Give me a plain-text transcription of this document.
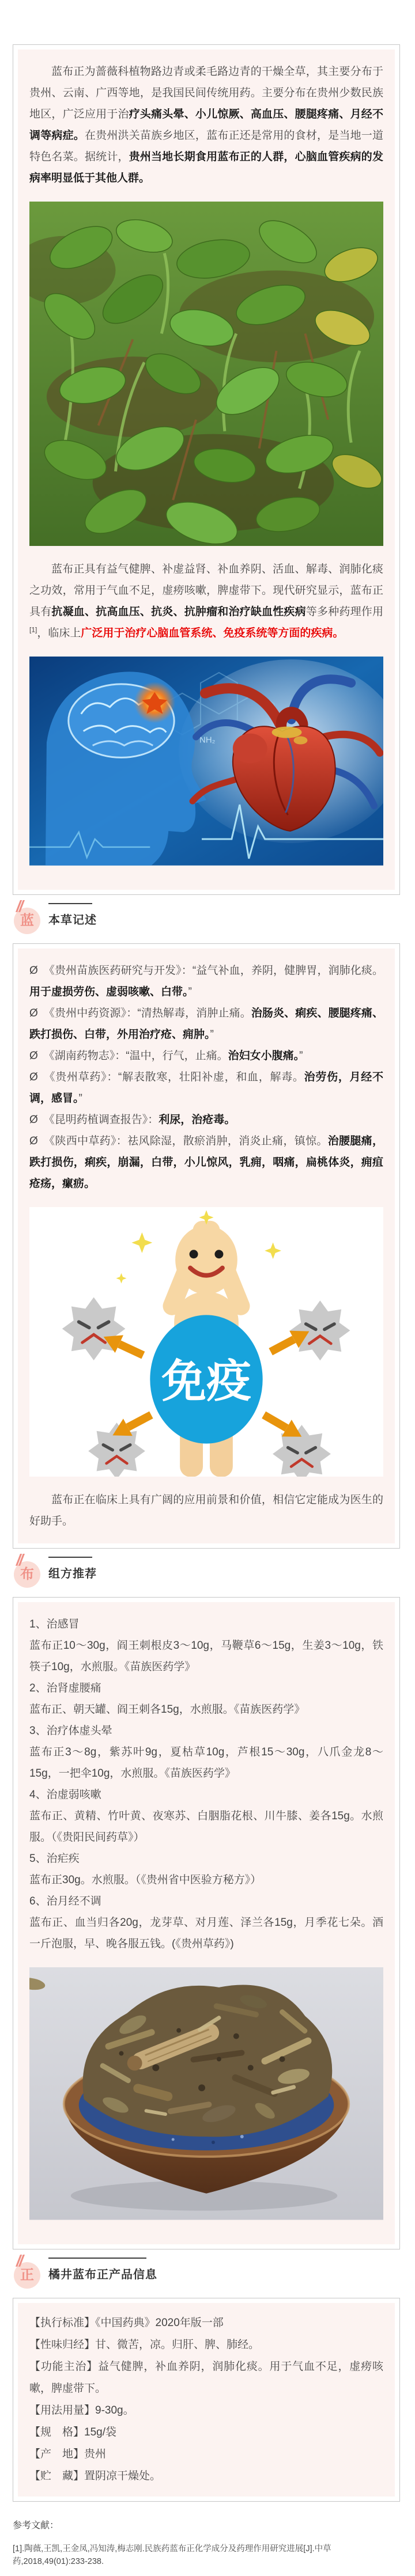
蓝布正为蔷薇科植物路边青或柔毛路边青的干燥全草，其主要分布于贵州、云南、广西等地，是我国民间传统用药。主要分布在贵州少数民族地区，广泛应用于治疗头痛头晕、小儿惊厥、高血压、腰腿疼痛、月经不调等病症。在贵州洪关苗族乡地区，蓝布正还是常用的食材，是当地一道特色名菜。据统计，贵州当地长期食用蓝布正的人群，心脑血管疾病的发病率明显低于其他人群。

蓝布正具有益气健脾、补虚益肾、补血养阴、活血、解毒、润肺化痰之功效，常用于气血不足，虚痨咳嗽，脾虚带下。现代研究显示，蓝布正具有抗凝血、抗高血压、抗炎、抗肿瘤和治疗缺血性疾病等多种药理作用[1]，临床上广泛用于治疗心脑血管系统、免疫系统等方面的疾病。

NH₂
//
蓝	本草记述

Ø 《贵州苗族医药研究与开发》：“益气补血，养阴，健脾胃，润肺化痰。用于虚损劳伤、虚弱咳嗽、白带。”

Ø 《贵州中药资源》：“清热解毒，消肿止痛。治肠炎、痢疾、腰腿疼痛、跌打损伤、白带，外用治疗疮、痈肿。”

Ø 《湖南药物志》：“温中，行气，止痛。治妇女小腹痛。”

Ø 《贵州草药》：“解表散寒，壮阳补虚，和血，解毒。治劳伤，月经不调，感冒。”

Ø 《昆明药植调查报告》：利尿，治疮毒。

Ø 《陕西中草药》：祛风除湿，散瘀消肿，消炎止痛，镇惊。治腰腿痛，跌打损伤，痢疾，崩漏，白带，小儿惊风，乳痈，咽痛，扁桃体炎，痈疽疮疡，瘰疬。

免疫

蓝布正在临床上具有广阔的应用前景和价值，相信它定能成为医生的好助手。

//
布	组方推荐

1、治感冒

蓝布正10～30g，阎王刺根皮3～10g，马鞭草6～15g，生姜3～10g，铁筷子10g，水煎服。《苗族医药学》

2、治肾虚腰痛

蓝布正、朝天罐、阎王刺各15g，水煎服。《苗族医药学》

3、治疗体虚头晕

蓝布正3～8g，紫苏叶9g，夏枯草10g，芦根15～30g，八爪金龙8～15g，一把伞10g，水煎服。《苗族医药学》

4、治虚弱咳嗽

蓝布正、黄精、竹叶黄、夜寒苏、白胭脂花根、川牛膝、姜各15g。水煎服。（《贵阳民间药草》）

5、治疟疾

蓝布正30g。水煎服。（《贵州省中医验方秘方》）

6、治月经不调

蓝布正、血当归各20g，龙芽草、对月莲、泽兰各15g，月季花七朵。酒一斤泡服，早、晚各服五钱。(《贵州草药》)

//
正	橘井蓝布正产品信息

【执行标准】《中国药典》2020年版一部

【性味归经】甘、微苦，凉。归肝、脾、肺经。

【功能主治】益气健脾，补血养阴，润肺化痰。用于气血不足，虚痨咳嗽，脾虚带下。

【用法用量】9-30g。

【规　格】15g/袋

【产　地】贵州

【贮　藏】置阴凉干燥处。

参考文献：

[1].陶薇,王凯,王金凤,冯知涛,梅志刚.民族药蓝布正化学成分及药理作用研究进展[J].中草药,2018,49(01):233-238.
